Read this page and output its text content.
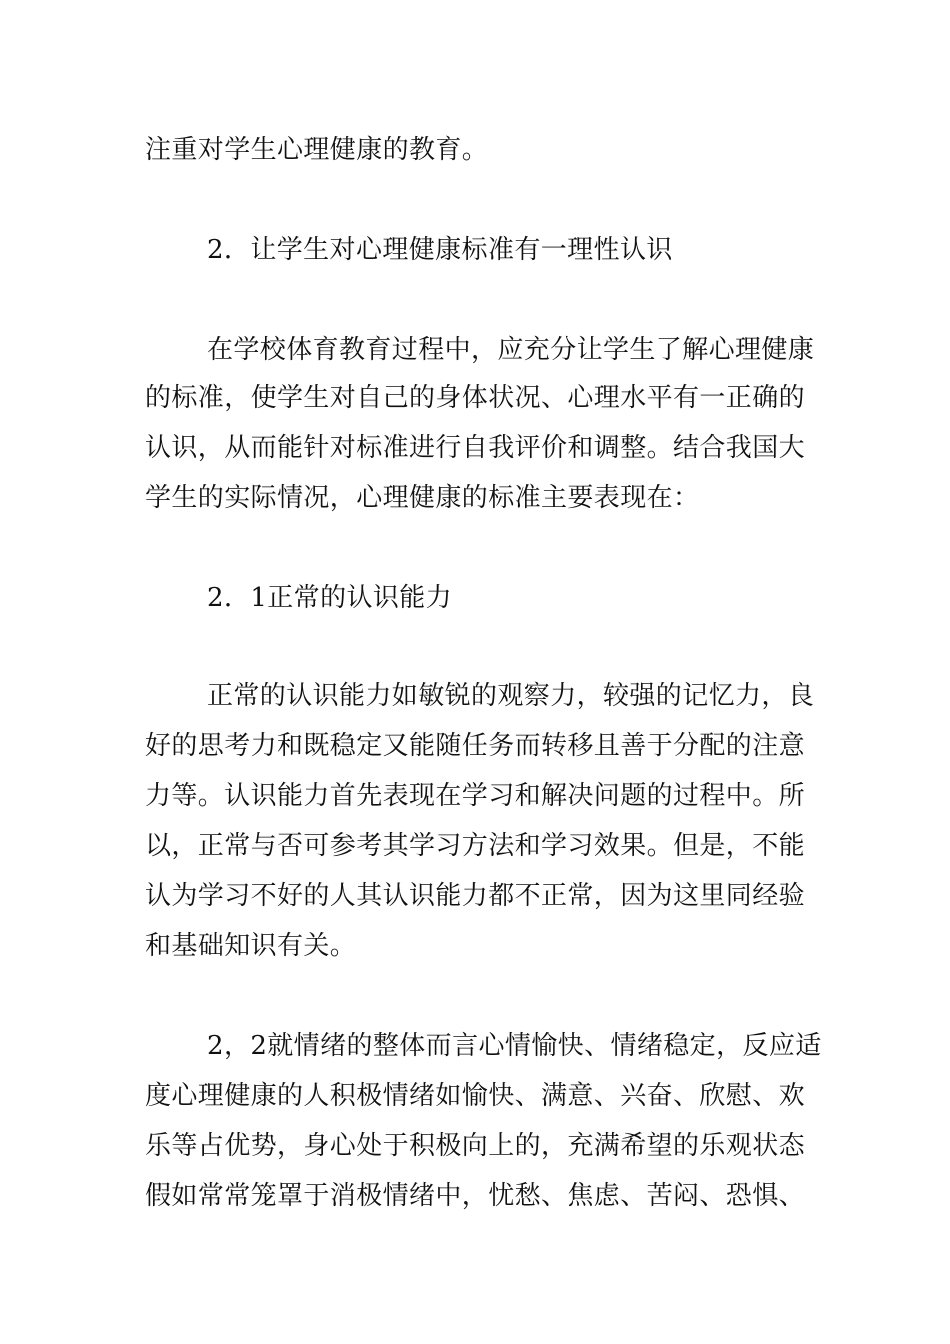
注重对学生心理健康的教育。
2．让学生对心理健康标准有一理性认识
在学校体育教育过程中，应充分让学生了解心理健康
的标准，使学生对自己的身体状况、心理水平有一正确的
认识，从而能针对标准进行自我评价和调整。结合我国大
学生的实际情况，心理健康的标准主要表现在：
2．1正常的认识能力
正常的认识能力如敏锐的观察力，较强的记忆力，良
好的思考力和既稳定又能随任务而转移且善于分配的注意
力等。认识能力首先表现在学习和解决问题的过程中。所
以，正常与否可参考其学习方法和学习效果。但是，不能
认为学习不好的人其认识能力都不正常，因为这里同经验
和基础知识有关。
2，2就情绪的整体而言心情愉快、情绪稳定，反应适
度心理健康的人积极情绪如愉快、满意、兴奋、欣慰、欢
乐等占优势，身心处于积极向上的，充满希望的乐观状态
假如常常笼罩于消极情绪中，忧愁、焦虑、苦闷、恐惧、
